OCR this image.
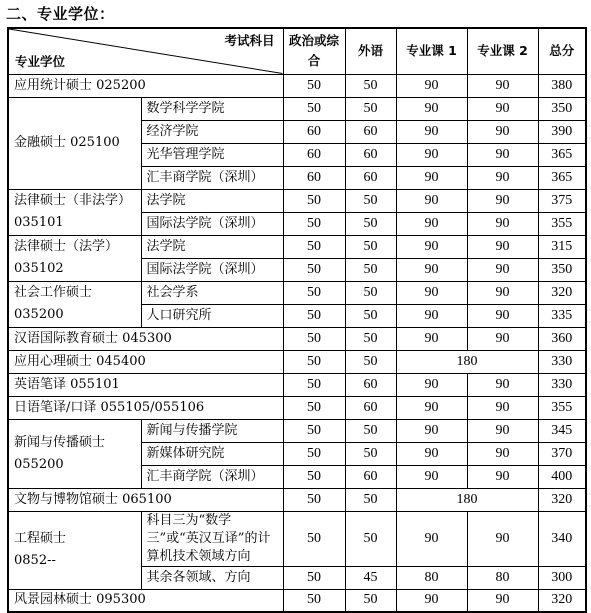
二、专业学位：
考试科目
专业学位		政治或综合	外语	专业课 1	专业课 2	总分
应用统计硕士 025200		50	50	90	90	380
金融硕士 025100	数学科学学院	50	50	90	90	350
	经济学院	60	60	90	90	390
	光华管理学院	60	60	90	90	365
	汇丰商学院（深圳）	60	60	90	90	365
法律硕士（非法学）
035101	法学院	50	50	90	90	375
	国际法学院（深圳）	50	50	90	90	355
法律硕士（法学）
035102	法学院	50	50	90	90	315
	国际法学院（深圳）	50	50	90	90	350
社会工作硕士
035200	社会学系	50	50	90	90	320
	人口研究所	50	50	90	90	335
汉语国际教育硕士 045300		50	50	90	90	360
应用心理硕士 045400		50	50	180		330
英语笔译 055101		50	60	90	90	330
日语笔译/口译 055105/055106		50	60	90	90	355
新闻与传播硕士
055200	新闻与传播学院	50	50	90	90	345
	新媒体研究院	50	50	90	90	370
	汇丰商学院（深圳）	50	60	90	90	400
文物与博物馆硕士 065100		50	50	180		320
工程硕士
0852--	科目三为“数学三”或“英汉互译”的计算机技术领域方向	50	50	90	90	340
	其余各领域、方向	50	45	80	80	300
风景园林硕士 095300		50	50	90	90	320
